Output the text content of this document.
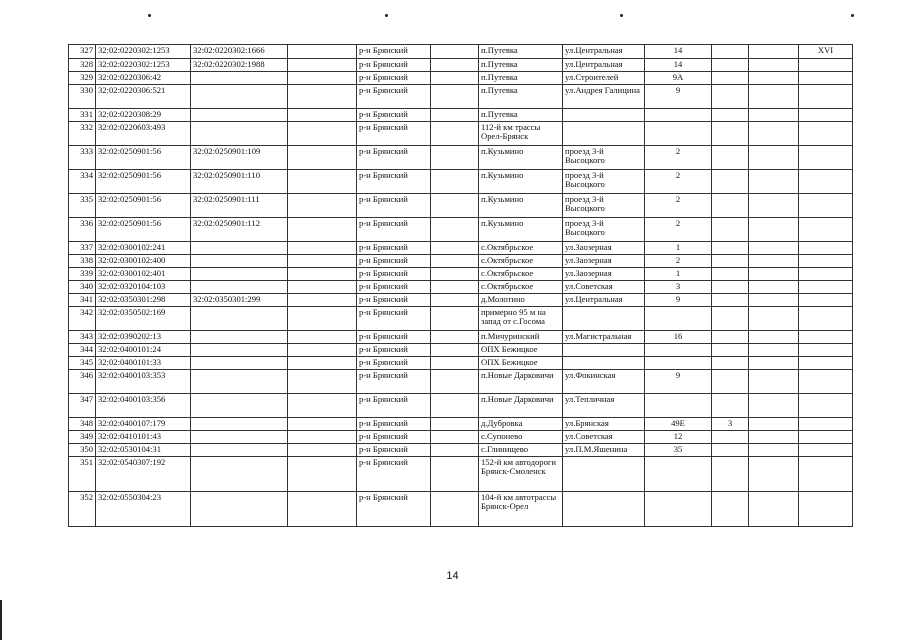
327	32:02:0220302:1253	32:02:0220302:1666		р-н Брянский		п.Путевка	ул.Центральная	14			XVI
328	32:02:0220302:1253	32:02:0220302:1988		р-н Брянский		п.Путевка	ул.Центральная	14			
329	32:02:0220306:42			р-н Брянский		п.Путевка	ул.Строителей	9А			
330	32:02:0220306:521			р-н Брянский		п.Путевка	ул.Андрея Галицина	9			
331	32:02:0220308:29			р-н Брянский		п.Путевка					
332	32:02:0220603:493			р-н Брянский		112-й км трассы Орел-Брянск					
333	32:02:0250901:56	32:02:0250901:109		р-н Брянский		п.Кузьмино	проезд 3-й Высоцкого	2			
334	32:02:0250901:56	32:02:0250901:110		р-н Брянский		п.Кузьмино	проезд 3-й Высоцкого	2			
335	32:02:0250901:56	32:02:0250901:111		р-н Брянский		п.Кузьмино	проезд 3-й Высоцкого	2			
336	32:02:0250901:56	32:02:0250901:112		р-н Брянский		п.Кузьмино	проезд 3-й Высоцкого	2			
337	32:02:0300102:241			р-н Брянский		с.Октябрьское	ул.Заозерная	1			
338	32:02:0300102:400			р-н Брянский		с.Октябрьское	ул.Заозерная	2			
339	32:02:0300102:401			р-н Брянский		с.Октябрьское	ул.Заозерная	1			
340	32:02:0320104:103			р-н Брянский		с.Октябрьское	ул.Советская	3			
341	32:02:0350301:298	32:02:0350301:299		р-н Брянский		д.Молотино	ул.Центральная	9			
342	32:02:0350502:169			р-н Брянский		примерно 95 м на запад от с.Госома					
343	32:02:0390202:13			р-н Брянский		п.Мичуринский	ул.Магистральная	16			
344	32:02:0400101:24			р-н Брянский		ОПХ Бежицкое					
345	32:02:0400101:33			р-н Брянский		ОПХ Бежицкое					
346	32:02:0400103:353			р-н Брянский		п.Новые Дарковичи	ул.Фокинская	9			
347	32:02:0400103:356			р-н Брянский		п.Новые Дарковичи	ул.Тепличная				
348	32:02:0400107:179			р-н Брянский		д.Дубровка	ул.Брянская	49Е	3		
349	32:02:0410101:43			р-н Брянский		с.Супонево	ул.Советская	12			
350	32:02:0530104:31			р-н Брянский		с.Глинищево	ул.П.М.Яшенина	35			
351	32:02:0540307:192			р-н Брянский		152-й км автодороги Брянск-Смоленск					
352	32:02:0550304:23			р-н Брянский		104-й км автотрассы Брянск-Орел					
14
